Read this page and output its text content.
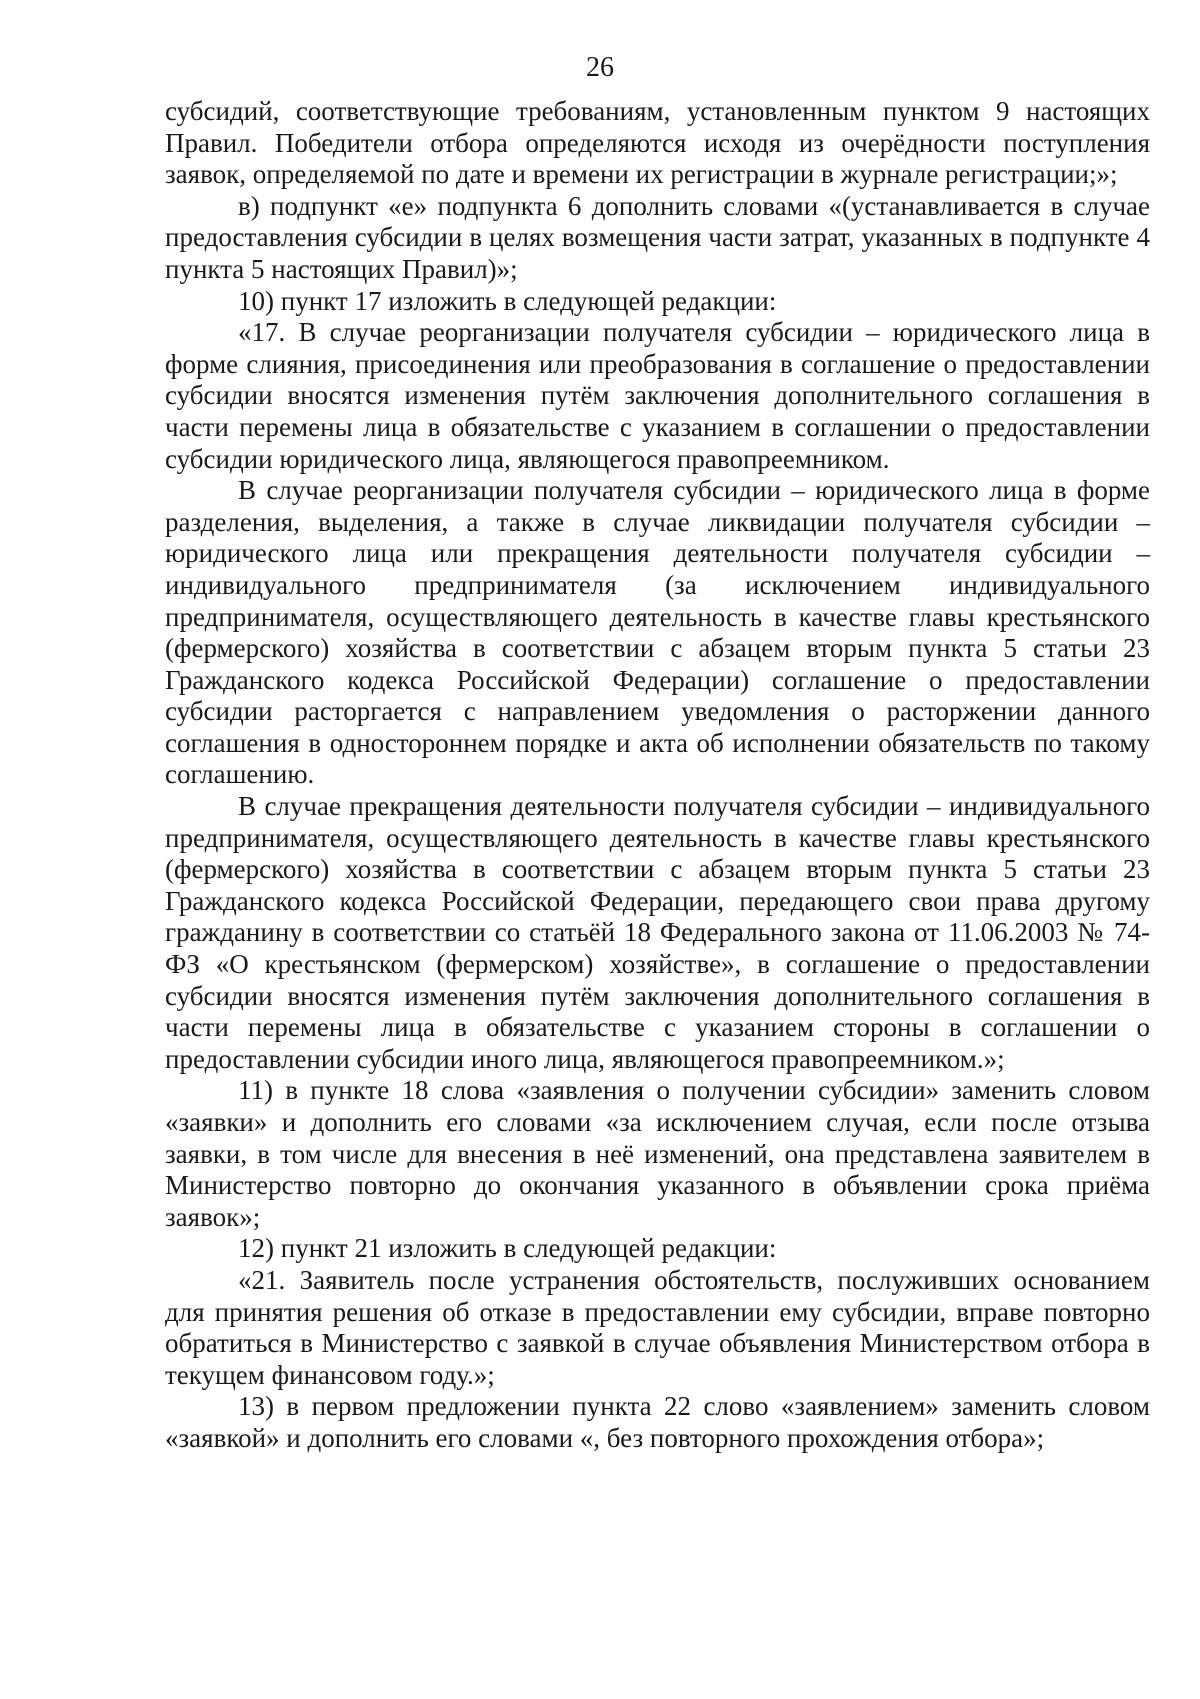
26

субсидий, соответствующие требованиям, установленным пунктом 9 настоящих Правил. Победители отбора определяются исходя из очерёдности поступления заявок, определяемой по дате и времени их регистрации в журнале регистрации;»;

в) подпункт «е» подпункта 6 дополнить словами «(устанавливается в случае предоставления субсидии в целях возмещения части затрат, указанных в подпункте 4 пункта 5 настоящих Правил)»;

10) пункт 17 изложить в следующей редакции:

«17. В случае реорганизации получателя субсидии – юридического лица в форме слияния, присоединения или преобразования в соглашение о предоставлении субсидии вносятся изменения путём заключения дополнительного соглашения в части перемены лица в обязательстве с указанием в соглашении о предоставлении субсидии юридического лица, являющегося правопреемником.

В случае реорганизации получателя субсидии – юридического лица в форме разделения, выделения, а также в случае ликвидации получателя субсидии – юридического лица или прекращения деятельности получателя субсидии – индивидуального предпринимателя (за исключением индивидуального предпринимателя, осуществляющего деятельность в качестве главы крестьянского (фермерского) хозяйства в соответствии с абзацем вторым пункта 5 статьи 23 Гражданского кодекса Российской Федерации) соглашение о предоставлении субсидии расторгается с направлением уведомления о расторжении данного соглашения в одностороннем порядке и акта об исполнении обязательств по такому соглашению.

В случае прекращения деятельности получателя субсидии – индивидуального предпринимателя, осуществляющего деятельность в качестве главы крестьянского (фермерского) хозяйства в соответствии с абзацем вторым пункта 5 статьи 23 Гражданского кодекса Российской Федерации, передающего свои права другому гражданину в соответствии со статьёй 18 Федерального закона от 11.06.2003 № 74-ФЗ «О крестьянском (фермерском) хозяйстве», в соглашение о предоставлении субсидии вносятся изменения путём заключения дополнительного соглашения в части перемены лица в обязательстве с указанием стороны в соглашении о предоставлении субсидии иного лица, являющегося правопреемником.»;

11) в пункте 18 слова «заявления о получении субсидии» заменить словом «заявки» и дополнить его словами «за исключением случая, если после отзыва заявки, в том числе для внесения в неё изменений, она представлена заявителем в Министерство повторно до окончания указанного в объявлении срока приёма заявок»;

12) пункт 21 изложить в следующей редакции:

«21. Заявитель после устранения обстоятельств, послуживших основанием для принятия решения об отказе в предоставлении ему субсидии, вправе повторно обратиться в Министерство с заявкой в случае объявления Министерством отбора в текущем финансовом году.»;

13) в первом предложении пункта 22 слово «заявлением» заменить словом «заявкой» и дополнить его словами «, без повторного прохождения отбора»;
